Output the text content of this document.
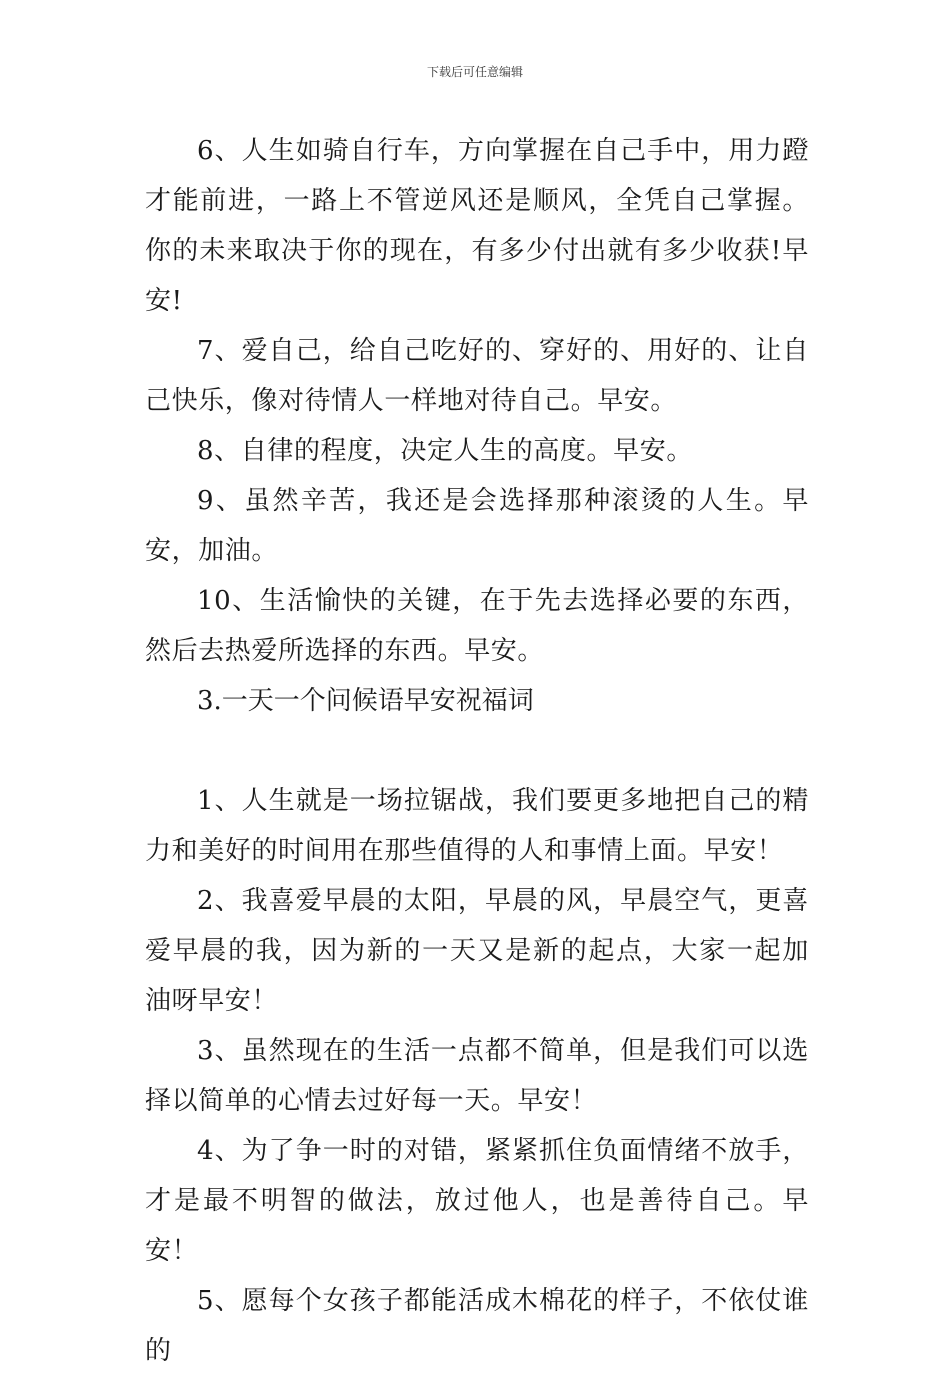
下载后可任意编辑

6、人生如骑自行车，方向掌握在自己手中，用力蹬才能前进，一路上不管逆风还是顺风，全凭自己掌握。你的未来取决于你的现在，有多少付出就有多少收获!早安!

7、爱自己，给自己吃好的、穿好的、用好的、让自己快乐，像对待情人一样地对待自己。早安。

8、自律的程度，决定人生的高度。早安。

9、虽然辛苦，我还是会选择那种滚烫的人生。早安，加油。

10、生活愉快的关键，在于先去选择必要的东西，然后去热爱所选择的东西。早安。

3.一天一个问候语早安祝福词

1、人生就是一场拉锯战，我们要更多地把自己的精力和美好的时间用在那些值得的人和事情上面。早安！

2、我喜爱早晨的太阳，早晨的风，早晨空气，更喜爱早晨的我，因为新的一天又是新的起点，大家一起加油呀早安！

3、虽然现在的生活一点都不简单，但是我们可以选择以简单的心情去过好每一天。早安！

4、为了争一时的对错，紧紧抓住负面情绪不放手，才是最不明智的做法，放过他人，也是善待自己。早安！

5、愿每个女孩子都能活成木棉花的样子，不依仗谁的
